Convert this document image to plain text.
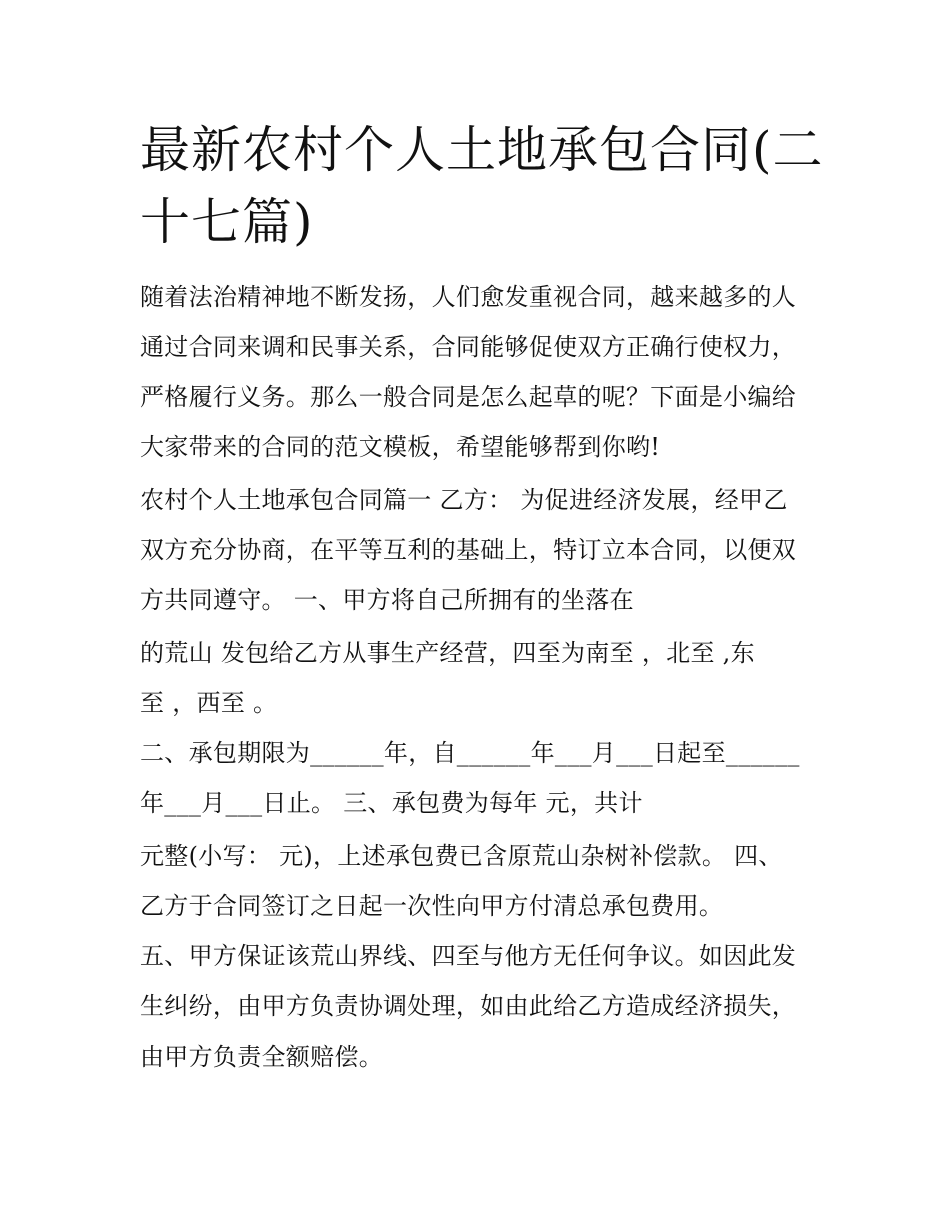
最新农村个人土地承包合同(二十七篇)

随着法治精神地不断发扬，人们愈发重视合同，越来越多的人

通过合同来调和民事关系，合同能够促使双方正确行使权力，

严格履行义务。那么一般合同是怎么起草的呢？下面是小编给

大家带来的合同的范文模板，希望能够帮到你哟!

农村个人土地承包合同篇一 乙方： 为促进经济发展，经甲乙

双方充分协商，在平等互利的基础上，特订立本合同，以便双

方共同遵守。 一、甲方将自己所拥有的坐落在

的荒山 发包给乙方从事生产经营，四至为南至 ，北至 ,东

至 ，西至 。

二、承包期限为______年，自______年___月___日起至______

年___月___日止。 三、承包费为每年 元，共计

元整(小写： 元)，上述承包费已含原荒山杂树补偿款。 四、

乙方于合同签订之日起一次性向甲方付清总承包费用。

五、甲方保证该荒山界线、四至与他方无任何争议。如因此发

生纠纷，由甲方负责协调处理，如由此给乙方造成经济损失，

由甲方负责全额赔偿。
